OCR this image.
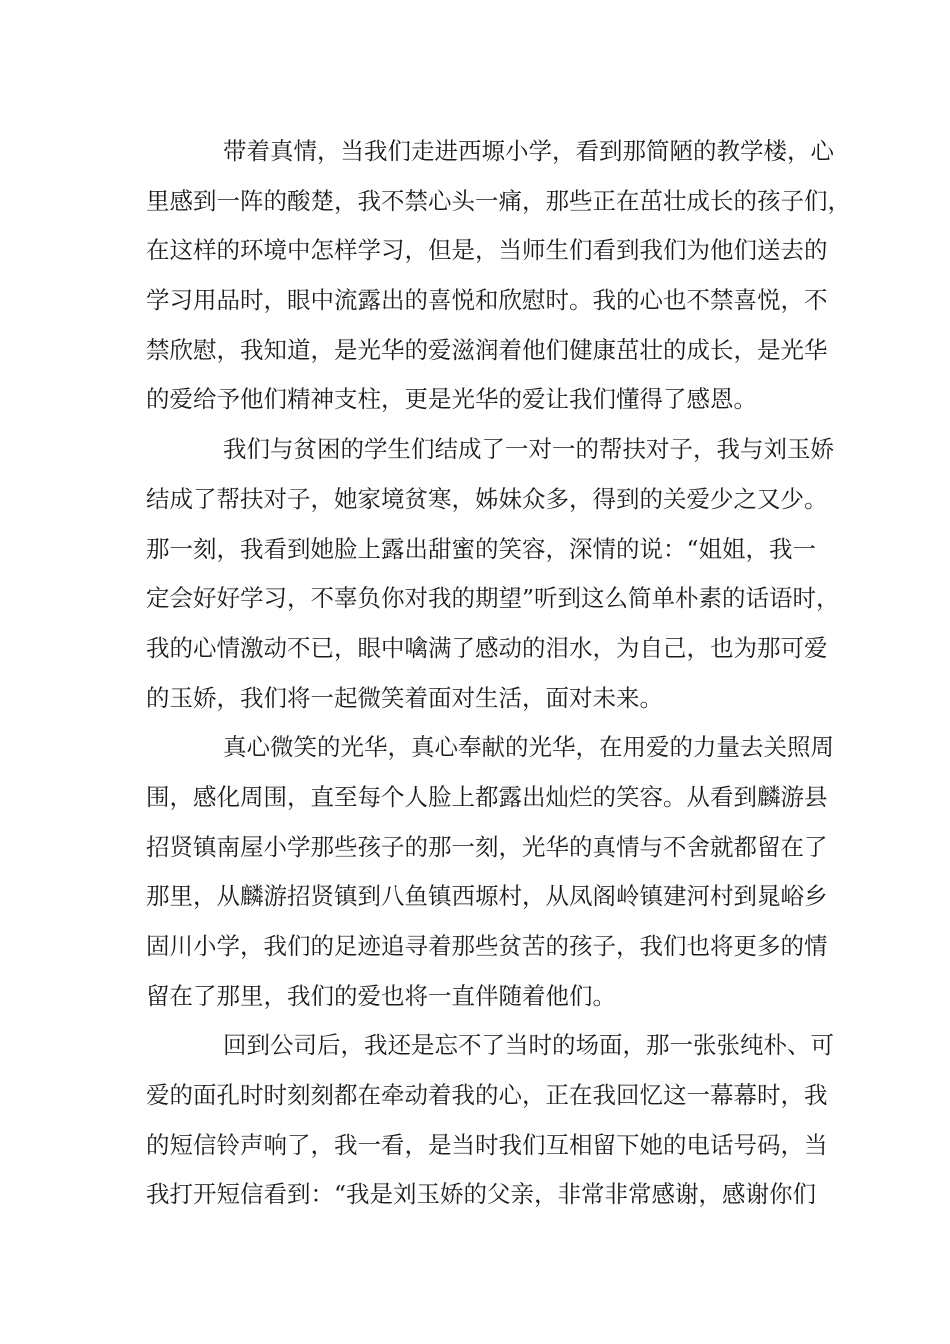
带着真情，当我们走进西塬小学，看到那简陋的教学楼，心
里感到一阵的酸楚，我不禁心头一痛，那些正在茁壮成长的孩子们，
在这样的环境中怎样学习，但是，当师生们看到我们为他们送去的
学习用品时，眼中流露出的喜悦和欣慰时。我的心也不禁喜悦，不
禁欣慰，我知道，是光华的爱滋润着他们健康茁壮的成长，是光华
的爱给予他们精神支柱，更是光华的爱让我们懂得了感恩。
我们与贫困的学生们结成了一对一的帮扶对子，我与刘玉娇
结成了帮扶对子，她家境贫寒，姊妹众多，得到的关爱少之又少。
那一刻，我看到她脸上露出甜蜜的笑容，深情的说：“姐姐，我一
定会好好学习，不辜负你对我的期望”听到这么简单朴素的话语时，
我的心情激动不已，眼中噙满了感动的泪水，为自己，也为那可爱
的玉娇，我们将一起微笑着面对生活，面对未来。
真心微笑的光华，真心奉献的光华，在用爱的力量去关照周
围，感化周围，直至每个人脸上都露出灿烂的笑容。从看到麟游县
招贤镇南屋小学那些孩子的那一刻，光华的真情与不舍就都留在了
那里，从麟游招贤镇到八鱼镇西塬村，从凤阁岭镇建河村到晁峪乡
固川小学，我们的足迹追寻着那些贫苦的孩子，我们也将更多的情
留在了那里，我们的爱也将一直伴随着他们。
回到公司后，我还是忘不了当时的场面，那一张张纯朴、可
爱的面孔时时刻刻都在牵动着我的心，正在我回忆这一幕幕时，我
的短信铃声响了，我一看，是当时我们互相留下她的电话号码，当
我打开短信看到：“我是刘玉娇的父亲，非常非常感谢，感谢你们
